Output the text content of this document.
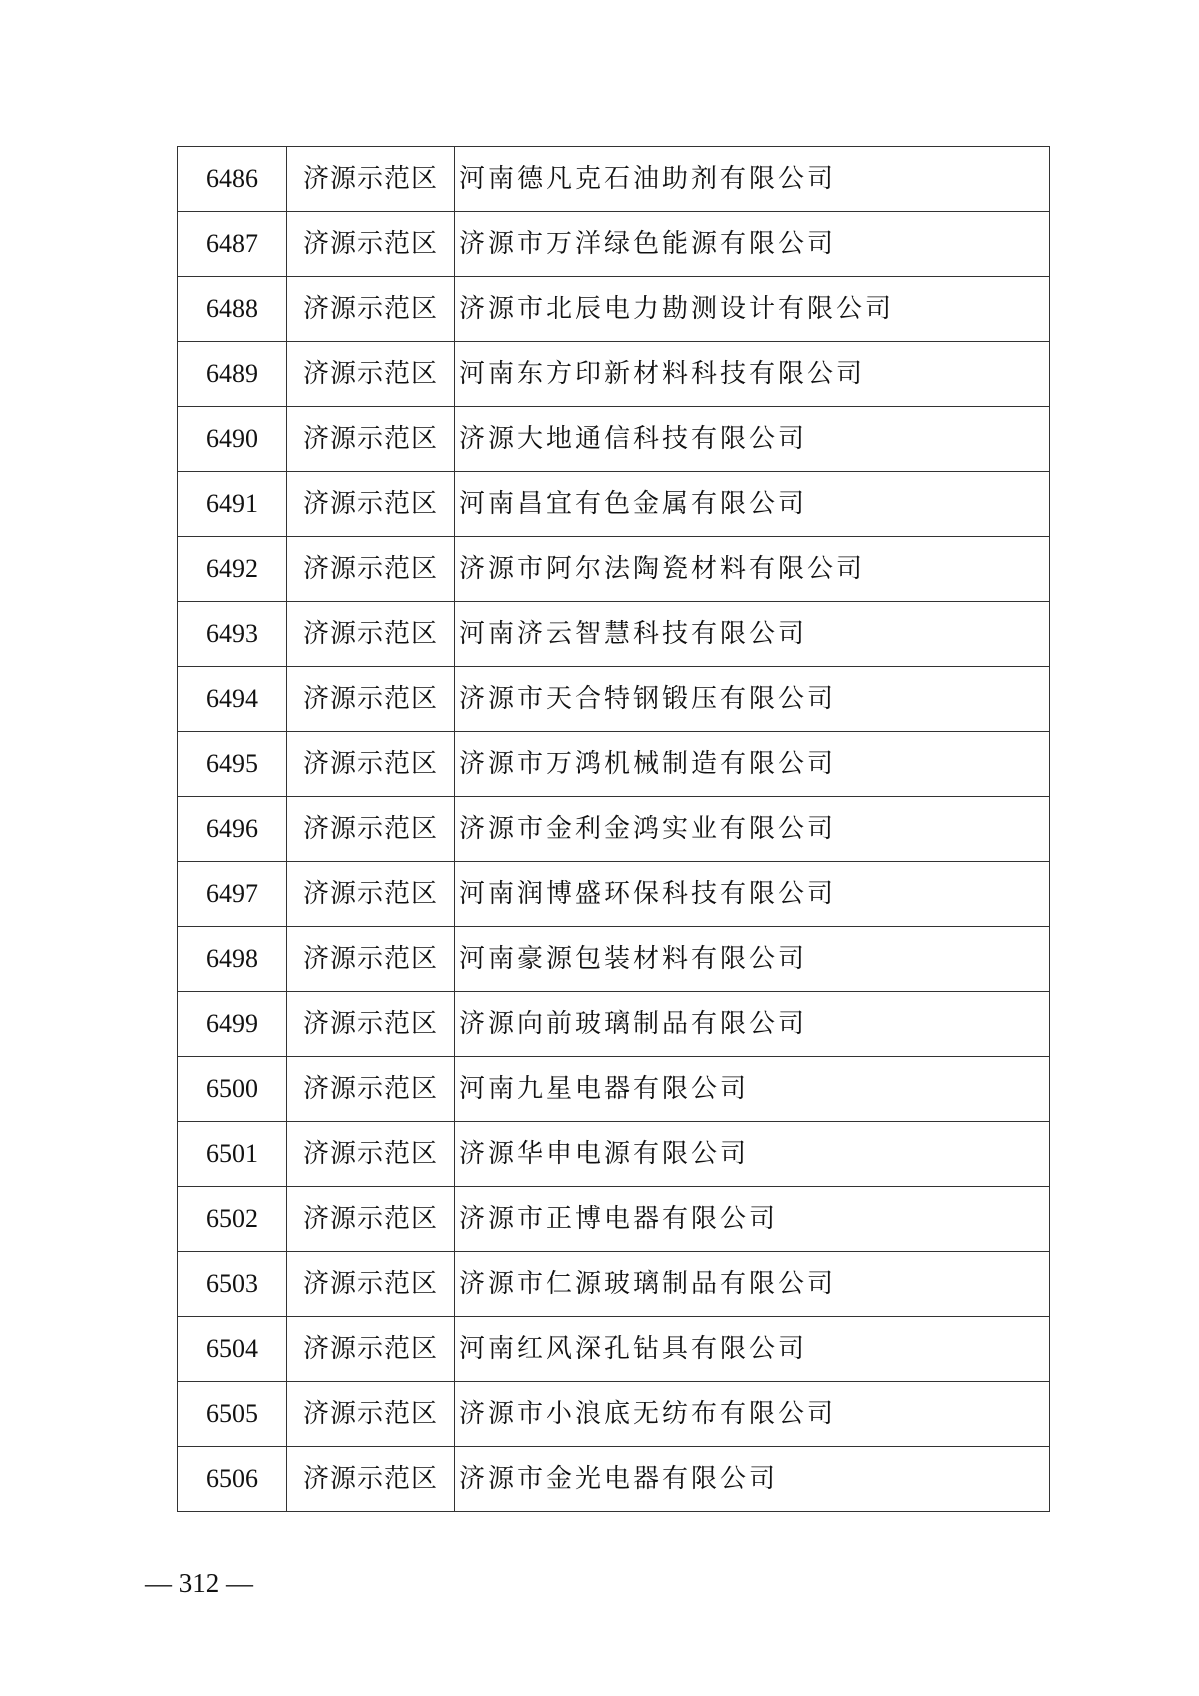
6486	济源示范区	河南德凡克石油助剂有限公司
6487	济源示范区	济源市万洋绿色能源有限公司
6488	济源示范区	济源市北辰电力勘测设计有限公司
6489	济源示范区	河南东方印新材料科技有限公司
6490	济源示范区	济源大地通信科技有限公司
6491	济源示范区	河南昌宜有色金属有限公司
6492	济源示范区	济源市阿尔法陶瓷材料有限公司
6493	济源示范区	河南济云智慧科技有限公司
6494	济源示范区	济源市天合特钢锻压有限公司
6495	济源示范区	济源市万鸿机械制造有限公司
6496	济源示范区	济源市金利金鸿实业有限公司
6497	济源示范区	河南润博盛环保科技有限公司
6498	济源示范区	河南豪源包装材料有限公司
6499	济源示范区	济源向前玻璃制品有限公司
6500	济源示范区	河南九星电器有限公司
6501	济源示范区	济源华申电源有限公司
6502	济源示范区	济源市正博电器有限公司
6503	济源示范区	济源市仁源玻璃制品有限公司
6504	济源示范区	河南红风深孔钻具有限公司
6505	济源示范区	济源市小浪底无纺布有限公司
6506	济源示范区	济源市金光电器有限公司
— 312 —
